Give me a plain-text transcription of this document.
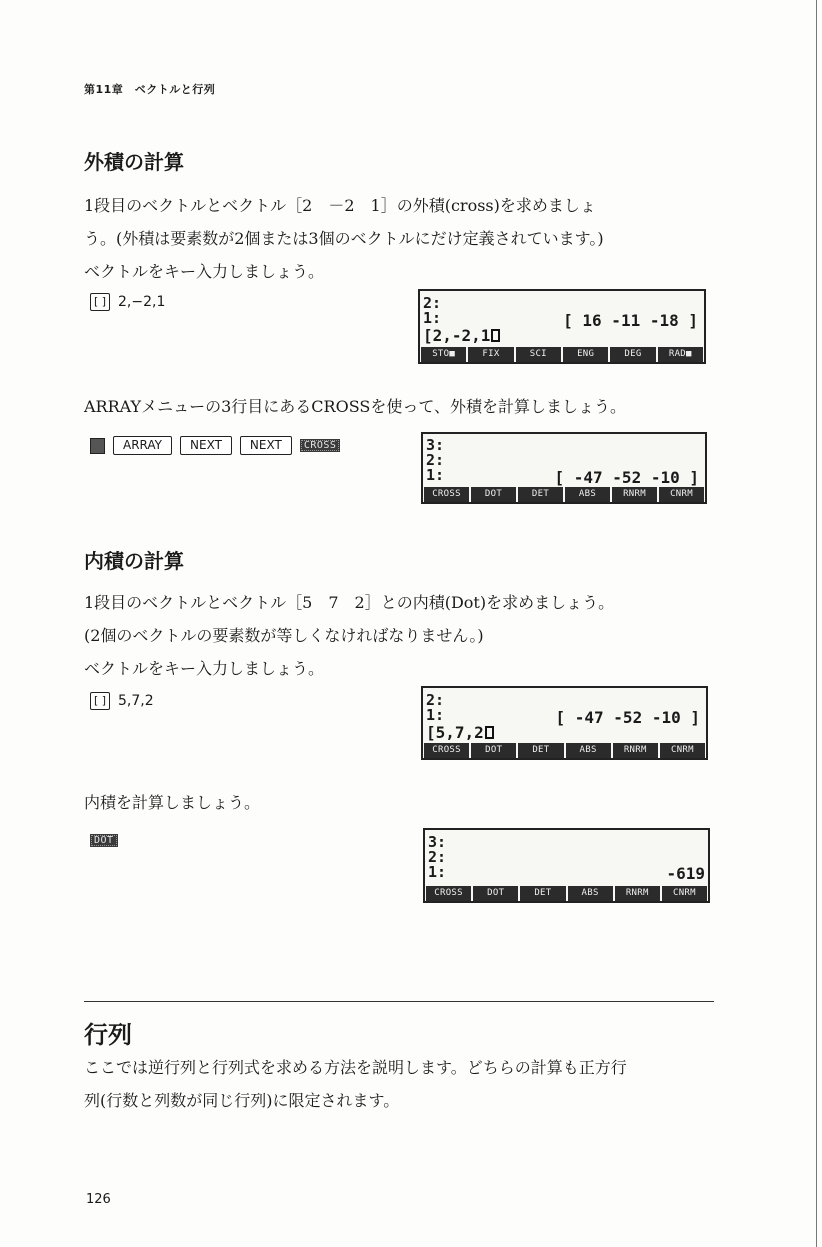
第11章　ベクトルと行列
外積の計算
1段目のベクトルとベクトル［2　－2　1］の外積(cross)を求めましょ
う。(外積は要素数が2個または3個のベクトルにだけ定義されています。)
ベクトルをキー入力しましょう。
[ ] 2,−2,1	2:
1:	[ 16 -11 -18 ]
[2,-2,1
STO■	FIX	SCI	ENG	DEG	RAD■
ARRAYメニューの3行目にあるCROSSを使って、外積を計算しましょう。
ARRAY	NEXT	NEXT	CROSS	3:
2:
1:	[ -47 -52 -10 ]
CROSS	DOT	DET	ABS	RNRM	CNRM
内積の計算
1段目のベクトルとベクトル［5　7　2］との内積(Dot)を求めましょう。
(2個のベクトルの要素数が等しくなければなりません。)
ベクトルをキー入力しましょう。
[ ] 5,7,2	2:
1:	[ -47 -52 -10 ]
[5,7,2
CROSS	DOT	DET	ABS	RNRM	CNRM
内積を計算しましょう。
DOT	3:
2:
1:	-619
CROSS	DOT	DET	ABS	RNRM	CNRM
行列
ここでは逆行列と行列式を求める方法を説明します。どちらの計算も正方行
列(行数と列数が同じ行列)に限定されます。
126
